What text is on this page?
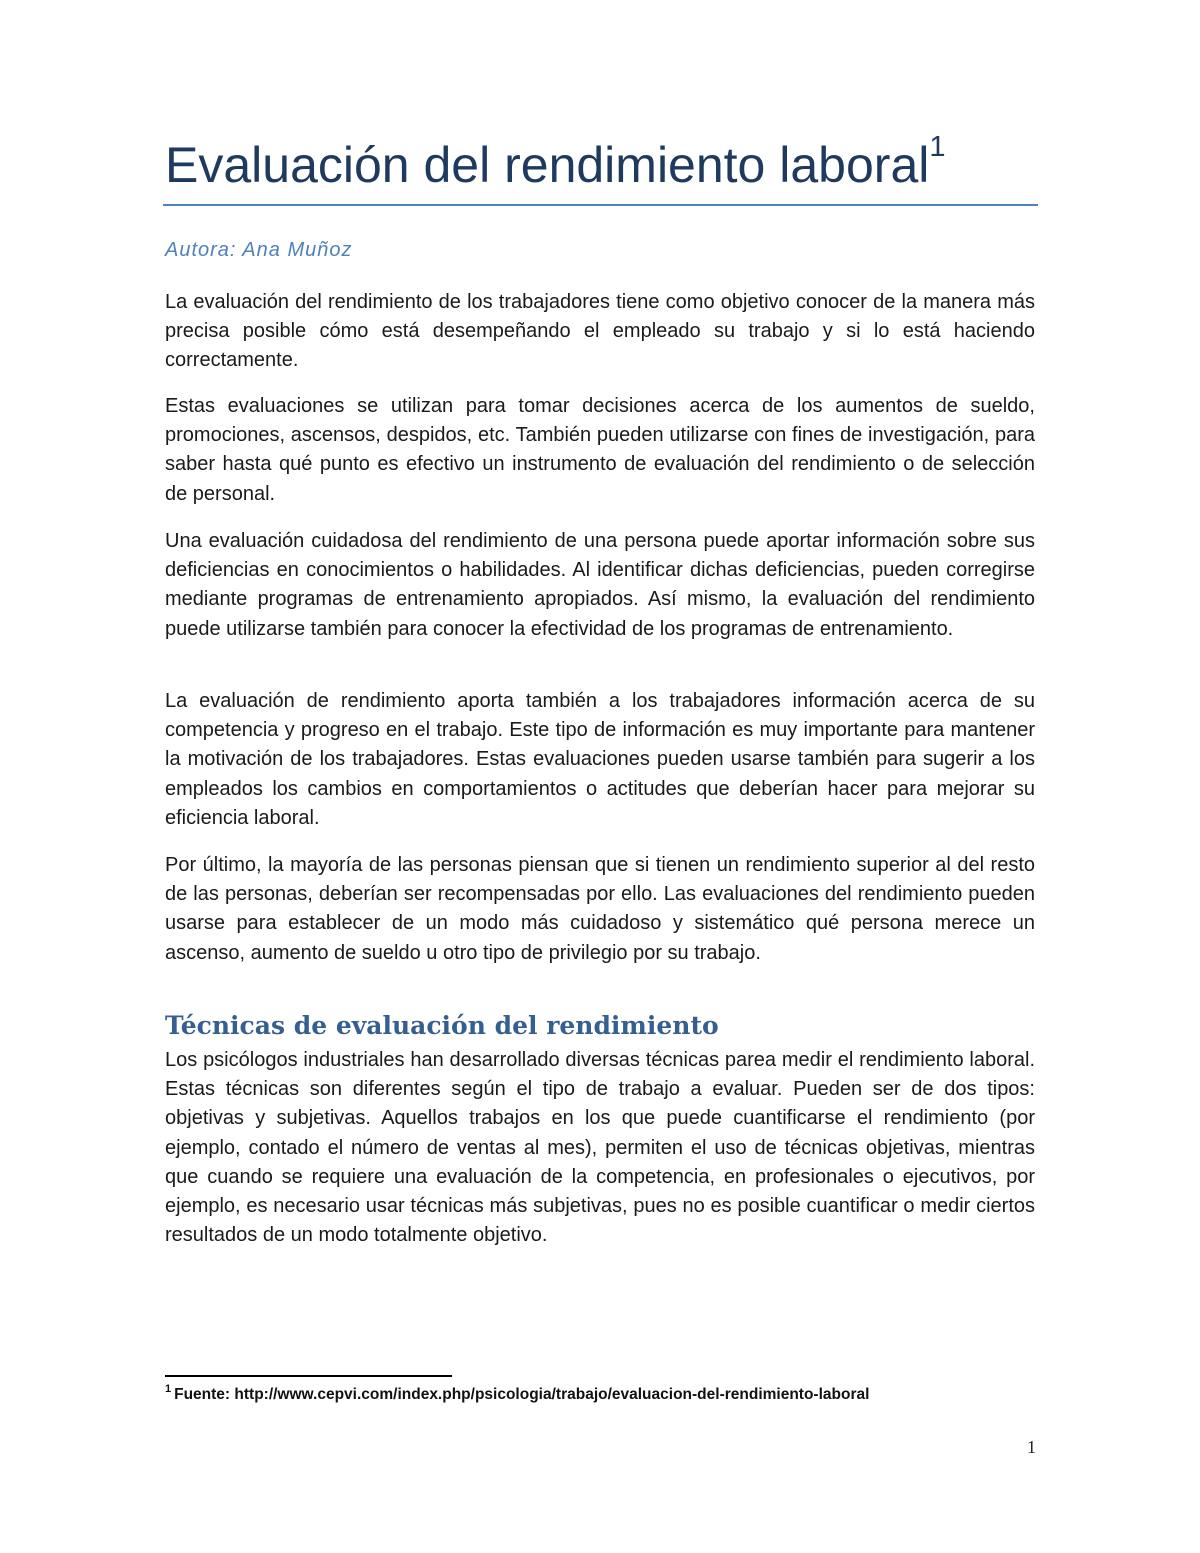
Evaluación del rendimiento laboral$^1$

Autora: Ana Muñoz

La evaluación del rendimiento de los trabajadores tiene como objetivo conocer de la manera más precisa posible cómo está desempeñando el empleado su trabajo y si lo está haciendo correctamente.

Estas evaluaciones se utilizan para tomar decisiones acerca de los aumentos de sueldo, promociones, ascensos, despidos, etc. También pueden utilizarse con fines de investigación, para saber hasta qué punto es efectivo un instrumento de evaluación del rendimiento o de selección de personal.

Una evaluación cuidadosa del rendimiento de una persona puede aportar información sobre sus deficiencias en conocimientos o habilidades. Al identificar dichas deficiencias, pueden corregirse mediante programas de entrenamiento apropiados. Así mismo, la evaluación del rendimiento puede utilizarse también para conocer la efectividad de los programas de entrenamiento.

La evaluación de rendimiento aporta también a los trabajadores información acerca de su competencia y progreso en el trabajo. Este tipo de información es muy importante para mantener la motivación de los trabajadores. Estas evaluaciones pueden usarse también para sugerir a los empleados los cambios en comportamientos o actitudes que deberían hacer para mejorar su eficiencia laboral.

Por último, la mayoría de las personas piensan que si tienen un rendimiento superior al del resto de las personas, deberían ser recompensadas por ello. Las evaluaciones del rendimiento pueden usarse para establecer de un modo más cuidadoso y sistemático qué persona merece un ascenso, aumento de sueldo u otro tipo de privilegio por su trabajo.

Técnicas de evaluación del rendimiento

Los psicólogos industriales han desarrollado diversas técnicas parea medir el rendimiento laboral. Estas técnicas son diferentes según el tipo de trabajo a evaluar. Pueden ser de dos tipos: objetivas y subjetivas. Aquellos trabajos en los que puede cuantificarse el rendimiento (por ejemplo, contado el número de ventas al mes), permiten el uso de técnicas objetivas, mientras que cuando se requiere una evaluación de la competencia, en profesionales o ejecutivos, por ejemplo, es necesario usar técnicas más subjetivas, pues no es posible cuantificar o medir ciertos resultados de un modo totalmente objetivo.

$^1$ Fuente: http://www.cepvi.com/index.php/psicologia/trabajo/evaluacion-del-rendimiento-laboral

1
